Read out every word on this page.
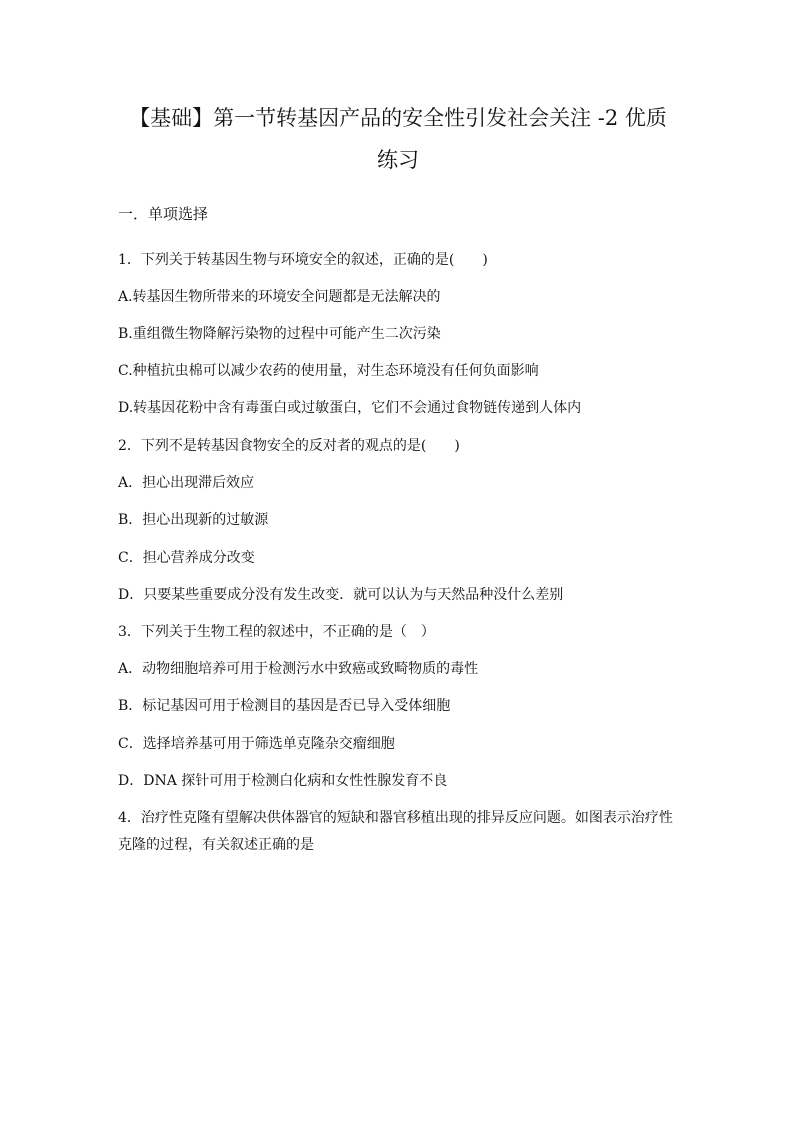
【基础】第一节转基因产品的安全性引发社会关注 -2 优质
练习
一．单项选择
1．下列关于转基因生物与环境安全的叙述，正确的是(　　)
A.转基因生物所带来的环境安全问题都是无法解决的
B.重组微生物降解污染物的过程中可能产生二次污染
C.种植抗虫棉可以减少农药的使用量，对生态环境没有任何负面影响
D.转基因花粉中含有毒蛋白或过敏蛋白，它们不会通过食物链传递到人体内
2．下列不是转基因食物安全的反对者的观点的是(　　)
A．担心出现滞后效应
B．担心出现新的过敏源
C．担心营养成分改变
D．只要某些重要成分没有发生改变．就可以认为与天然品种没什么差别
3．下列关于生物工程的叙述中，不正确的是（　）
A．动物细胞培养可用于检测污水中致癌或致畸物质的毒性
B．标记基因可用于检测目的基因是否已导入受体细胞
C．选择培养基可用于筛选单克隆杂交瘤细胞
D．DNA 探针可用于检测白化病和女性性腺发育不良
4．治疗性克隆有望解决供体器官的短缺和器官移植出现的排异反应问题。如图表示治疗性克隆的过程，有关叙述正确的是
